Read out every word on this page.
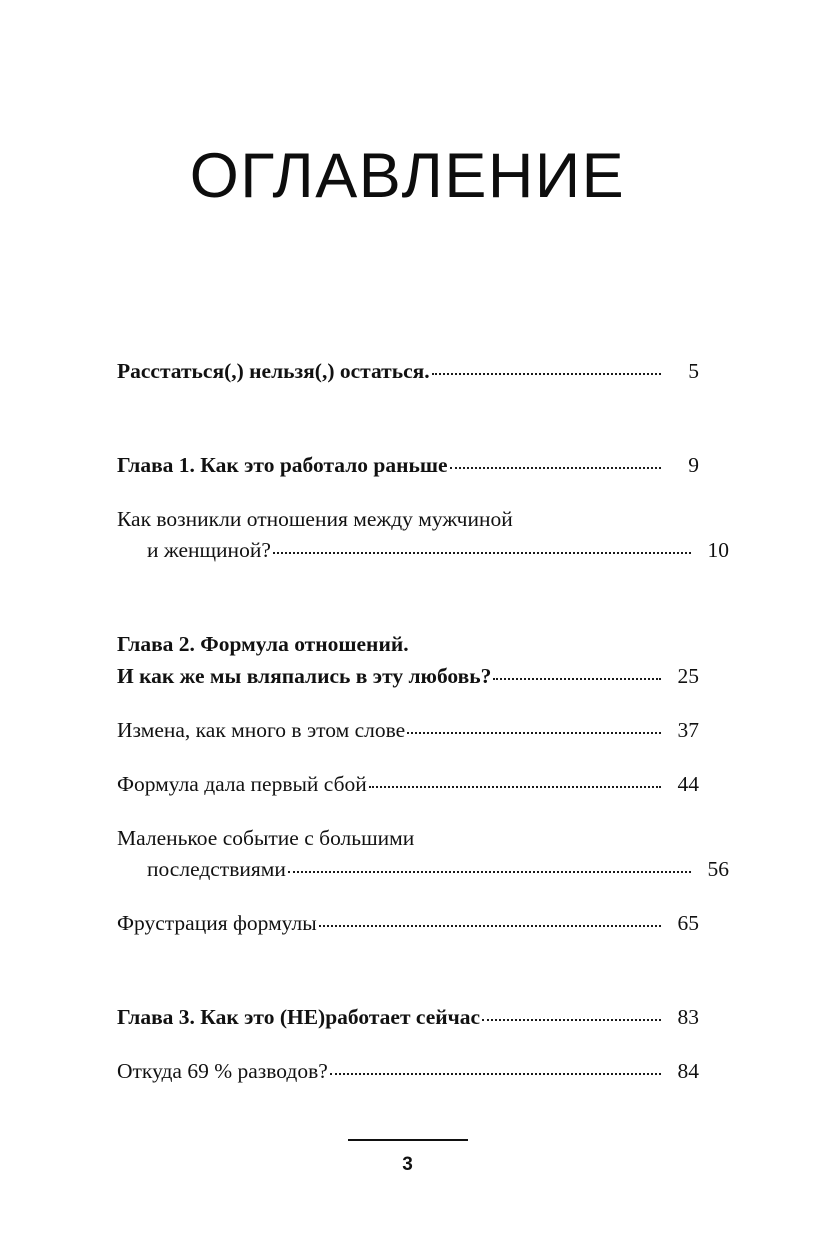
ОГЛАВЛЕНИЕ
Расстаться(,) нельзя(,) остаться.	5
Глава 1. Как это работало раньше	9
Как возникли отношения между мужчиной
и женщиной?	10
Глава 2. Формула отношений.
И как же мы вляпались в эту любовь?	25
Измена, как много в этом слове	37
Формула дала первый сбой	44
Маленькое событие с большими
последствиями	56
Фрустрация формулы	65
Глава 3. Как это (НЕ)работает сейчас	83
Откуда 69 % разводов?	84
3
